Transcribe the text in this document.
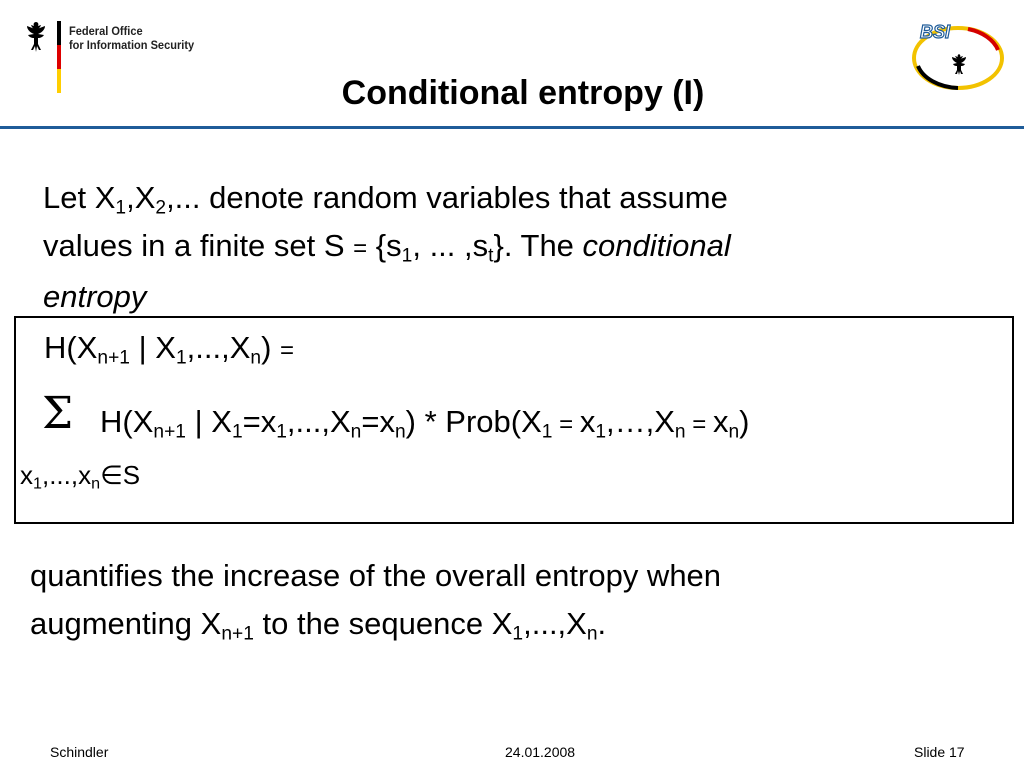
Federal Office
for Information Security
BSI
Conditional entropy (I)
Let $X_1,X_2$,... denote random variables that assume
values in a finite set $S = \{s_1$, ... $,s_t$}. The conditional
entropy
$H(X_{n+1}$ | $X_1,...,X_n$) =
Σ $H(X_{n+1}$ | $X_1=x_1,...,X_n=x_n$) * $Prob(X_1$ = $x_1,\dots,X_n = x_n$)
$x_1,...,x_n\in S$
quantifies the increase of the overall entropy when
augmenting $X_{n+1}$ to the sequence $X_1,...,X_n$.
Schindler	24.01.2008	Slide 17
